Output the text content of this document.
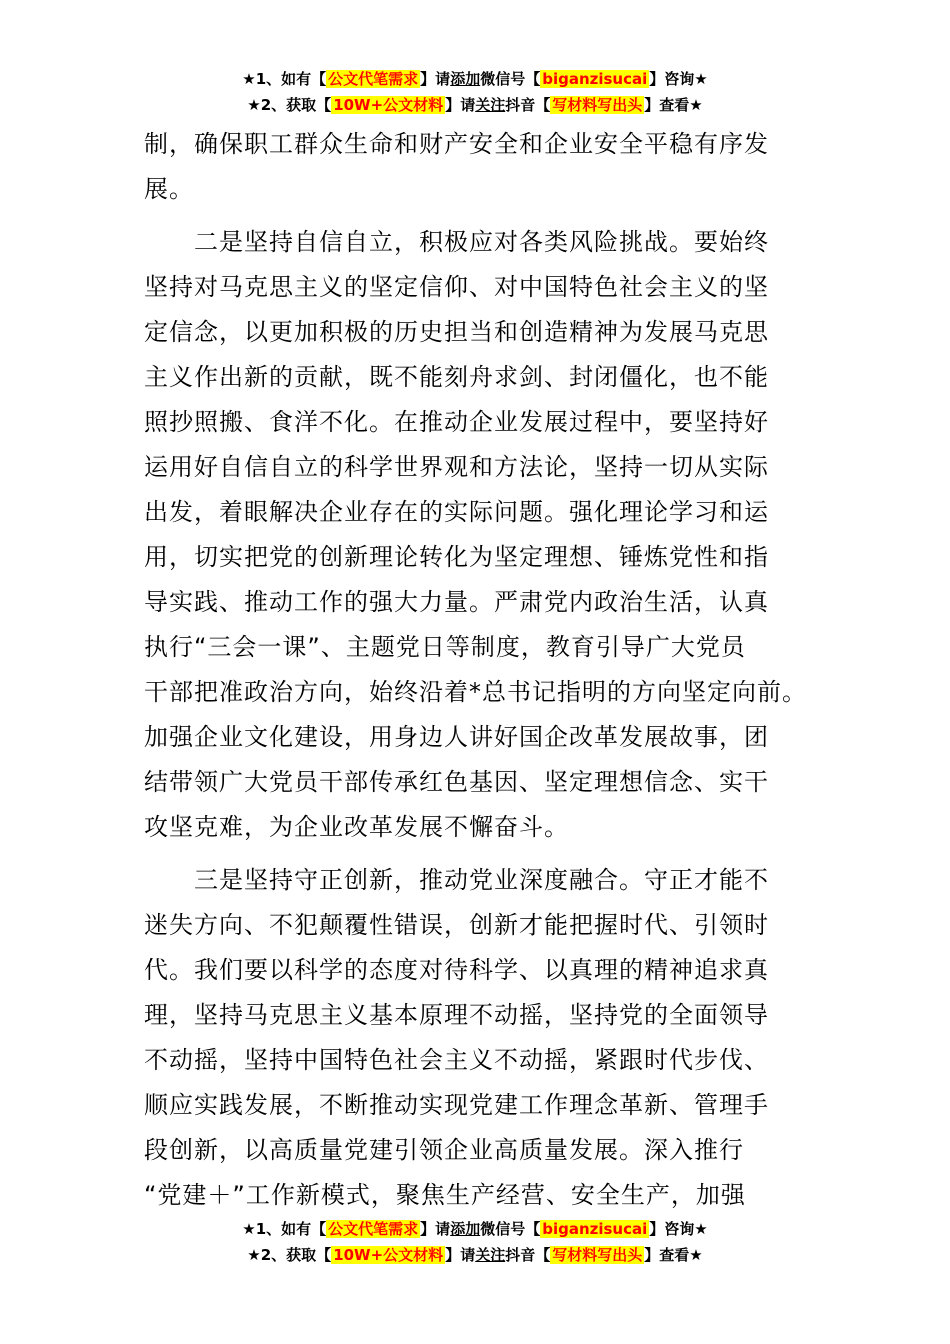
★1、如有【 公文代笔需求 】请添加微信号【 biganzisucai 】咨询★
★2、获取【 10W+公文材料 】请关注抖音【 写材料写出头 】查看★
制，确保职工群众生命和财产安全和企业安全平稳有序发
展。
　　二是坚持自信自立，积极应对各类风险挑战。要始终
坚持对马克思主义的坚定信仰、对中国特色社会主义的坚
定信念，以更加积极的历史担当和创造精神为发展马克思
主义作出新的贡献，既不能刻舟求剑、封闭僵化，也不能
照抄照搬、食洋不化。在推动企业发展过程中，要坚持好
运用好自信自立的科学世界观和方法论，坚持一切从实际
出发，着眼解决企业存在的实际问题。强化理论学习和运
用，切实把党的创新理论转化为坚定理想、锤炼党性和指
导实践、推动工作的强大力量。严肃党内政治生活，认真
执行“三会一课”、主题党日等制度，教育引导广大党员
干部把准政治方向，始终沿着*总书记指明的方向坚定向前。
加强企业文化建设，用身边人讲好国企改革发展故事，团
结带领广大党员干部传承红色基因、坚定理想信念、实干
攻坚克难，为企业改革发展不懈奋斗。
　　三是坚持守正创新，推动党业深度融合。守正才能不
迷失方向、不犯颠覆性错误，创新才能把握时代、引领时
代。我们要以科学的态度对待科学、以真理的精神追求真
理，坚持马克思主义基本原理不动摇，坚持党的全面领导
不动摇，坚持中国特色社会主义不动摇，紧跟时代步伐、
顺应实践发展，不断推动实现党建工作理念革新、管理手
段创新，以高质量党建引领企业高质量发展。深入推行
“党建＋”工作新模式，聚焦生产经营、安全生产，加强
★1、如有【 公文代笔需求 】请添加微信号【 biganzisucai 】咨询★
★2、获取【 10W+公文材料 】请关注抖音【 写材料写出头 】查看★
